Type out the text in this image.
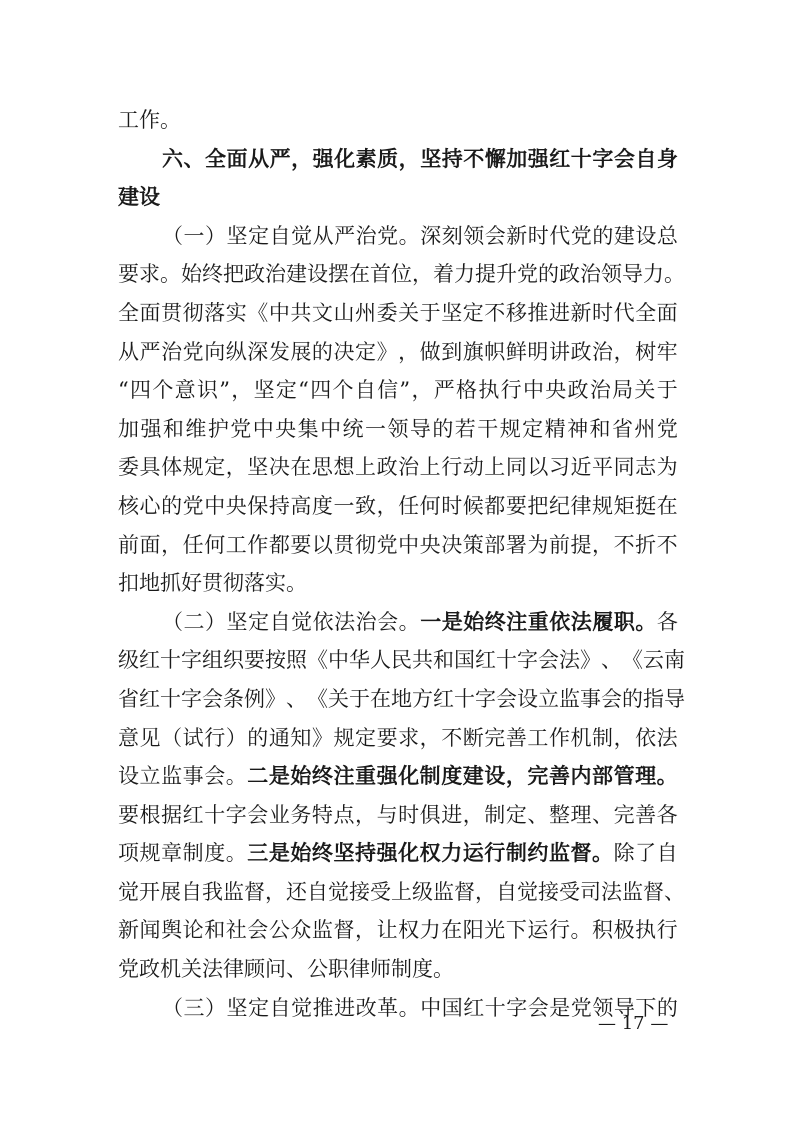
工 作 。
六 、 全 面 从 严 ， 强 化 素 质 ， 坚 持 不 懈 加 强 红 十 字 会 自 身
建 设
（ 一 ） 坚 定 自 觉 从 严 治 党 。 深 刻 领 会 新 时 代 党 的 建 设 总
要 求 。 始 终 把 政 治 建 设 摆 在 首 位 ， 着 力 提 升 党 的 政 治 领 导 力 。
全 面 贯 彻 落 实 《 中 共 文 山 州 委 关 于 坚 定 不 移 推 进 新 时 代 全 面
从 严 治 党 向 纵 深 发 展 的 决 定 》 ， 做 到 旗 帜 鲜 明 讲 政 治 ， 树 牢
“ 四 个 意 识 ” ， 坚 定 “ 四 个 自 信 ” ， 严 格 执 行 中 央 政 治 局 关 于
加 强 和 维 护 党 中 央 集 中 统 一 领 导 的 若 干 规 定 精 神 和 省 州 党
委 具 体 规 定 ， 坚 决 在 思 想 上 政 治 上 行 动 上 同 以 习 近 平 同 志 为
核 心 的 党 中 央 保 持 高 度 一 致 ， 任 何 时 候 都 要 把 纪 律 规 矩 挺 在
前 面 ， 任 何 工 作 都 要 以 贯 彻 党 中 央 决 策 部 署 为 前 提 ， 不 折 不
扣 地 抓 好 贯 彻 落 实 。
（ 二 ） 坚 定 自 觉 依 法 治 会 。 一 是 始 终 注 重 依 法 履 职 。 各
级 红 十 字 组 织 要 按 照 《 中 华 人 民 共 和 国 红 十 字 会 法 》 、 《 云 南
省 红 十 字 会 条 例 》 、 《 关 于 在 地 方 红 十 字 会 设 立 监 事 会 的 指 导
意 见 （ 试 行 ） 的 通 知 》 规 定 要 求 ， 不 断 完 善 工 作 机 制 ， 依 法
设 立 监 事 会 。 二 是 始 终 注 重 强 化 制 度 建 设 ， 完 善 内 部 管 理 。
要 根 据 红 十 字 会 业 务 特 点 ， 与 时 俱 进 ， 制 定 、 整 理 、 完 善 各
项 规 章 制 度 。 三 是 始 终 坚 持 强 化 权 力 运 行 制 约 监 督 。 除 了 自
觉 开 展 自 我 监 督 ， 还 自 觉 接 受 上 级 监 督 ， 自 觉 接 受 司 法 监 督 、
新 闻 舆 论 和 社 会 公 众 监 督 ， 让 权 力 在 阳 光 下 运 行 。 积 极 执 行
党 政 机 关 法 律 顾 问 、 公 职 律 师 制 度 。
（ 三 ） 坚 定 自 觉 推 进 改 革 。 中 国 红 十 字 会 是 党 领 导 下 的
— 17 —
